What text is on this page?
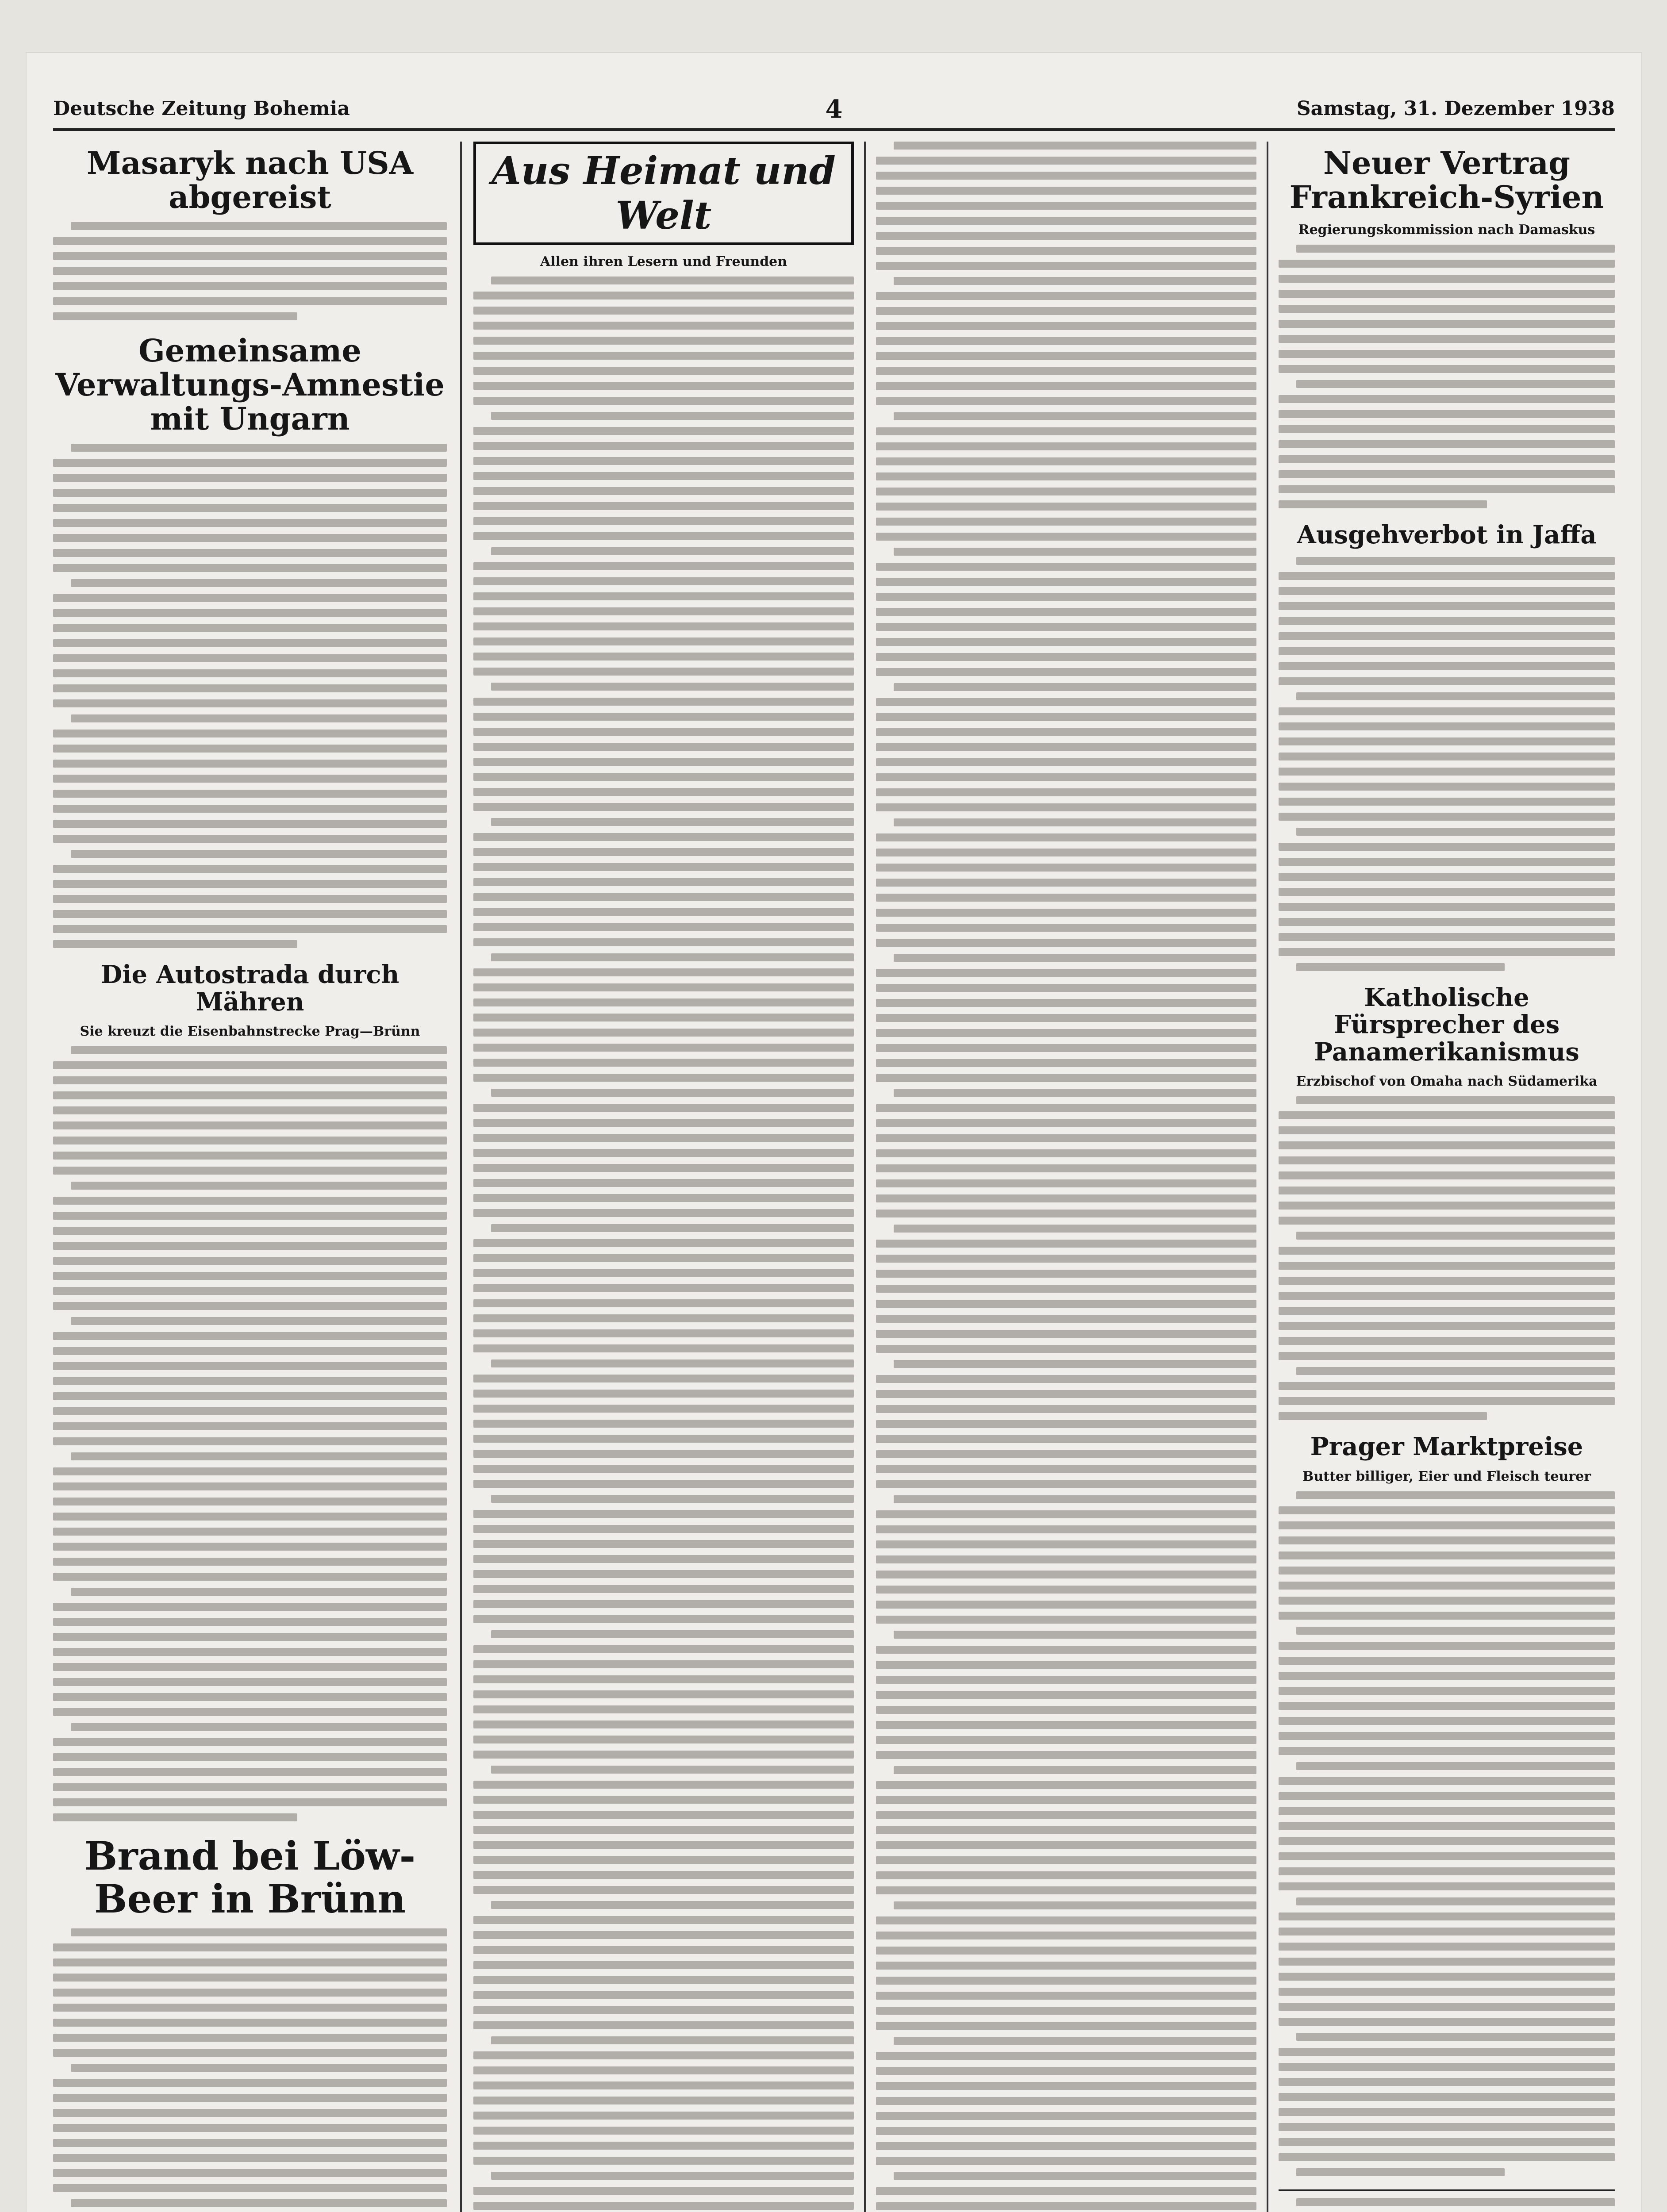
Deutsche Zeitung Bohemia	4	Samstag, 31. Dezember 1938
Masaryk nach USA abgereist
Gemeinsame Verwaltungs-Amnestie mit Ungarn
Die Autostrada durch Mähren
Sie kreuzt die Eisenbahnstrecke Prag—Brünn
Brand bei Löw-Beer in Brünn
Aus Heimat und Welt
Allen ihren Lesern und Freunden
Neuer Vertrag Frankreich-Syrien
Regierungskommission nach Damaskus
Ausgehverbot in Jaffa
Katholische Fürsprecher des Panamerikanismus
Erzbischof von Omaha nach Südamerika
Prager Marktpreise
Butter billiger, Eier und Fleisch teurer
